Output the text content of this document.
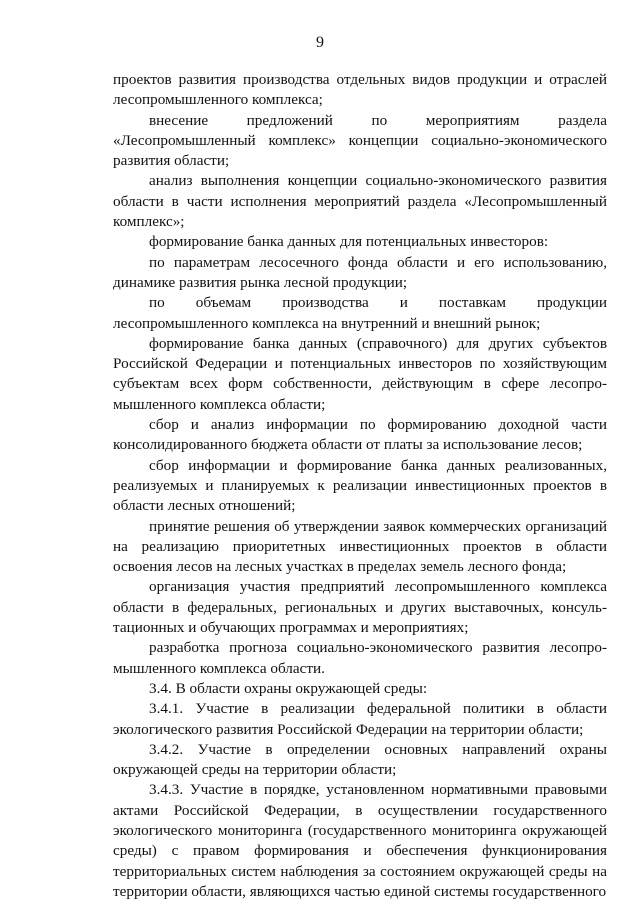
9

проектов развития производства отдельных видов продукции и отраслей лесопромышленного комплекса;

внесение предложений по мероприятиям раздела «Лесопромышленный комплекс» концепции социально-экономического развития области;

анализ выполнения концепции социально-экономического развития области в части исполнения мероприятий раздела «Лесопромышленный комплекс»;

формирование банка данных для потенциальных инвесторов:

по параметрам лесосечного фонда области и его использованию, динамике развития рынка лесной продукции;

по объемам производства и поставкам продукции лесопромышленного комплекса на внутренний и внешний рынок;

формирование банка данных (справочного) для других субъектов Российской Федерации и потенциальных инвесторов по хозяйствующим субъектам всех форм собственности, действующим в сфере лесопромышленного комплекса области;

сбор и анализ информации по формированию доходной части консолидированного бюджета области от платы за использование лесов;

сбор информации и формирование банка данных реализованных, реализуемых и планируемых к реализации инвестиционных проектов в области лесных отношений;

принятие решения об утверждении заявок коммерческих организаций на реализацию приоритетных инвестиционных проектов в области освоения лесов на лесных участках в пределах земель лесного фонда;

организация участия предприятий лесопромышленного комплекса области в федеральных, региональных и других выставочных, консультационных и обучающих программах и мероприятиях;

разработка прогноза социально-экономического развития лесопромышленного комплекса области.

3.4. В области охраны окружающей среды:

3.4.1. Участие в реализации федеральной политики в области экологического развития Российской Федерации на территории области;

3.4.2. Участие в определении основных направлений охраны окружающей среды на территории области;

3.4.3. Участие в порядке, установленном нормативными правовыми актами Российской Федерации, в осуществлении государственного экологического мониторинга (государственного мониторинга окружающей среды) с правом формирования и обеспечения функционирования территориальных систем наблюдения за состоянием окружающей среды на территории области, являющихся частью единой системы государственного
